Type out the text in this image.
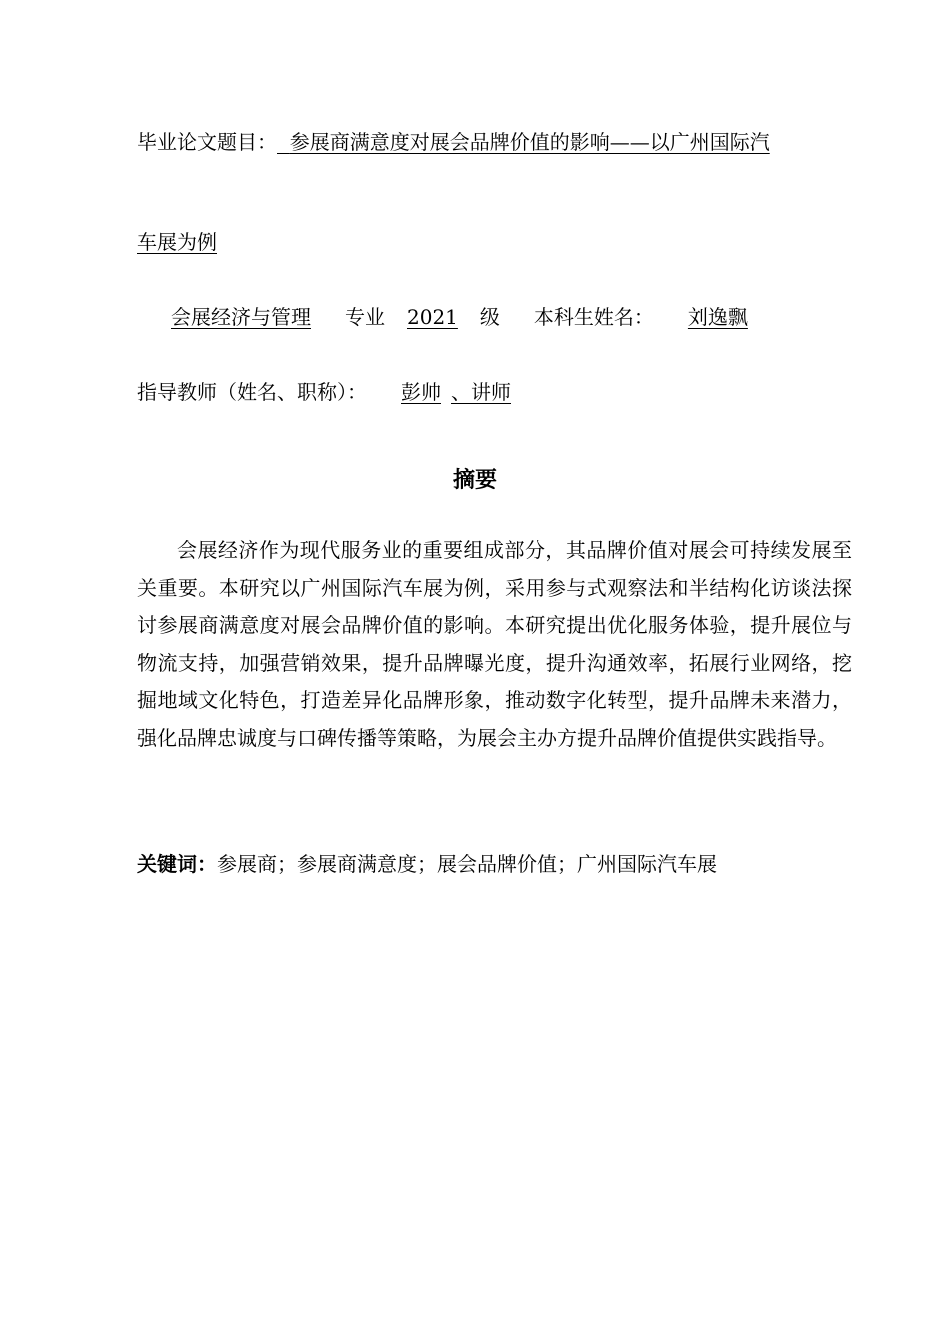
毕业论文题目： 参展商满意度对展会品牌价值的影响——以广州国际汽
车展为例
会展经济与管理 专业 2021 级 本科生姓名： 刘逸飘
指导教师（姓名、职称）： 彭帅 、讲师
摘要

会展经济作为现代服务业的重要组成部分，其品牌价值对展会可持续发展至关重要。本研究以广州国际汽车展为例，采用参与式观察法和半结构化访谈法探讨参展商满意度对展会品牌价值的影响。本研究提出优化服务体验，提升展位与物流支持，加强营销效果，提升品牌曝光度，提升沟通效率，拓展行业网络，挖掘地域文化特色，打造差异化品牌形象，推动数字化转型，提升品牌未来潜力，强化品牌忠诚度与口碑传播等策略，为展会主办方提升品牌价值提供实践指导。

关键词：参展商；参展商满意度；展会品牌价值；广州国际汽车展
